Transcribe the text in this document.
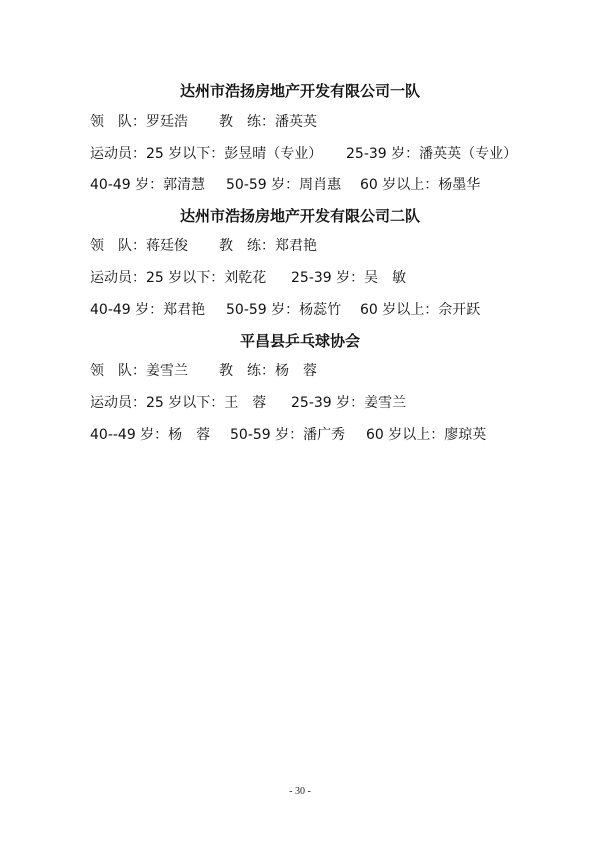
达州市浩扬房地产开发有限公司一队
领　队：罗廷浩 教　练：潘英英
运动员：25 岁以下：彭昱晴（专业） 25-39 岁：潘英英（专业）
40-49 岁：郭清慧 50-59 岁：周肖惠 60 岁以上：杨墨华
达州市浩扬房地产开发有限公司二队
领　队：蒋廷俊 教　练：郑君艳
运动员：25 岁以下：刘乾花 25-39 岁：吴　敏
40-49 岁：郑君艳 50-59 岁：杨蕊竹 60 岁以上：佘开跃
平昌县乒乓球协会
领　队：姜雪兰 教　练：杨　蓉
运动员：25 岁以下：王　蓉 25-39 岁：姜雪兰
40--49 岁：杨　蓉 50-59 岁：潘广秀 60 岁以上：廖琼英
- 30 -
